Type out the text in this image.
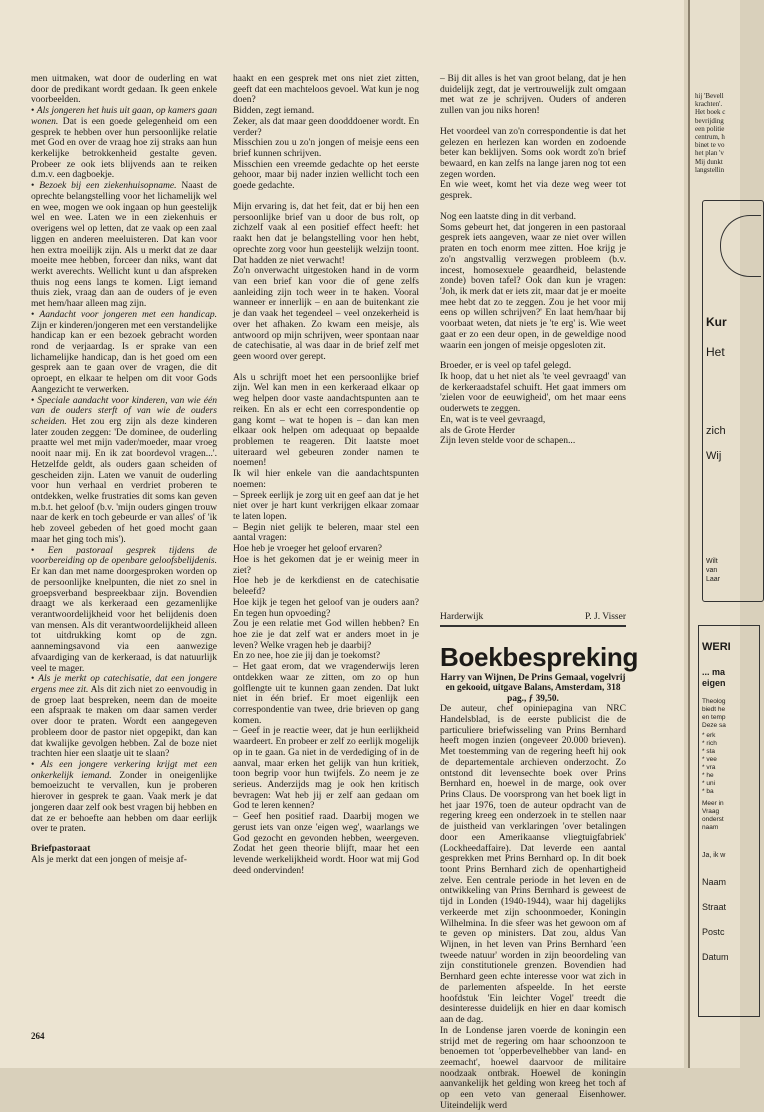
men uitmaken, wat door de ouderling en wat door de predikant wordt gedaan. Ik geen enkele voorbeelden.

• Als jongeren het huis uit gaan, op kamers gaan wonen. Dat is een goede gelegenheid om een gesprek te hebben over hun persoonlijke relatie met God en over de vraag hoe zij straks aan hun kerkelijke betrokkenheid gestalte geven. Probeer ze ook iets blijvends aan te reiken d.m.v. een dagboekje.

• Bezoek bij een ziekenhuisopname. Naast de oprechte belangstelling voor het lichamelijk wel en wee, mogen we ook ingaan op hun geestelijk wel en wee. Laten we in een ziekenhuis er overigens wel op letten, dat ze vaak op een zaal liggen en anderen meeluisteren. Dat kan voor hen extra moeilijk zijn. Als u merkt dat ze daar moeite mee hebben, forceer dan niks, want dat werkt averechts. Wellicht kunt u dan afspreken thuis nog eens langs te komen. Ligt iemand thuis ziek, vraag dan aan de ouders of je even met hem/haar alleen mag zijn.

• Aandacht voor jongeren met een handicap. Zijn er kinderen/jongeren met een verstandelijke handicap kan er een bezoek gebracht worden rond de verjaardag. Is er sprake van een lichamelijke handicap, dan is het goed om een gesprek aan te gaan over de vragen, die dit oproept, en elkaar te helpen om dit voor Gods Aangezicht te verwerken.

• Speciale aandacht voor kinderen, van wie één van de ouders sterft of van wie de ouders scheiden. Het zou erg zijn als deze kinderen later zouden zeggen: 'De dominee, de ouderling praatte wel met mijn vader/moeder, maar vroeg nooit naar mij. En ik zat boordevol vragen...'. Hetzelfde geldt, als ouders gaan scheiden of gescheiden zijn. Laten we vanuit de ouderling voor hun verhaal en verdriet proberen te ontdekken, welke frustraties dit soms kan geven m.b.t. het geloof (b.v. 'mijn ouders gingen trouw naar de kerk en toch gebeurde er van alles' of 'ik heb zoveel gebeden of het goed mocht gaan maar het ging toch mis').

• Een pastoraal gesprek tijdens de voorbereiding op de openbare geloofsbelijdenis. Er kan dan met name doorgesproken worden op de persoonlijke knelpunten, die niet zo snel in groepsverband bespreekbaar zijn. Bovendien draagt we als kerkeraad een gezamenlijke verantwoordelijkheid voor het belijdenis doen van mensen. Als dit verantwoordelijkheid alleen tot uitdrukking komt op de zgn. aannemingsavond via een aanwezige afvaardiging van de kerkeraad, is dat natuurlijk veel te mager.

• Als je merkt op catechisatie, dat een jongere ergens mee zit. Als dit zich niet zo eenvoudig in de groep laat bespreken, neem dan de moeite een afspraak te maken om daar samen verder over door te praten. Wordt een aangegeven probleem door de pastor niet opgepikt, dan kan dat kwalijke gevolgen hebben. Zal de boze niet trachten hier een slaatje uit te slaan?

• Als een jongere verkering krijgt met een onkerkelijk iemand. Zonder in oneigenlijke bemoeizucht te vervallen, kun je proberen hierover in gesprek te gaan. Vaak merk je dat jongeren daar zelf ook best vragen bij hebben en dat ze er behoefte aan hebben om daar eerlijk over te praten.

Briefpastoraat

Als je merkt dat een jongen of meisje af-

haakt en een gesprek met ons niet ziet zitten, geeft dat een machteloos gevoel. Wat kun je nog doen?

Bidden, zegt iemand.

Zeker, als dat maar geen doodddoener wordt. En verder?

Misschien zou u zo'n jongen of meisje eens een brief kunnen schrijven.

Misschien een vreemde gedachte op het eerste gehoor, maar bij nader inzien wellicht toch een goede gedachte.

Mijn ervaring is, dat het feit, dat er bij hen een persoonlijke brief van u door de bus rolt, op zichzelf vaak al een positief effect heeft: het raakt hen dat je belangstelling voor hen hebt, oprechte zorg voor hun geestelijk welzijn toont. Dat hadden ze niet verwacht!

Zo'n onverwacht uitgestoken hand in de vorm van een brief kan voor die of gene zelfs aanleiding zijn toch weer in te haken. Vooral wanneer er innerlijk – en aan de buitenkant zie je dan vaak het tegendeel – veel onzekerheid is over het afhaken. Zo kwam een meisje, als antwoord op mijn schrijven, weer spontaan naar de catechisatie, al was daar in de brief zelf met geen woord over gerept.

Als u schrijft moet het een persoonlijke brief zijn. Wel kan men in een kerkeraad elkaar op weg helpen door vaste aandachtspunten aan te reiken. En als er echt een correspondentie op gang komt – wat te hopen is – dan kan men elkaar ook helpen om adequaat op bepaalde problemen te reageren. Dit laatste moet uiteraard wel gebeuren zonder namen te noemen!

Ik wil hier enkele van die aandachtspunten noemen:

– Spreek eerlijk je zorg uit en geef aan dat je het niet over je hart kunt verkrijgen elkaar zomaar te laten lopen.

– Begin niet gelijk te beleren, maar stel een aantal vragen:

Hoe heb je vroeger het geloof ervaren?

Hoe is het gekomen dat je er weinig meer in ziet?

Hoe heb je de kerkdienst en de catechisatie beleefd?

Hoe kijk je tegen het geloof van je ouders aan? En tegen hun opvoeding?

Zou je een relatie met God willen hebben? En hoe zie je dat zelf wat er anders moet in je leven? Welke vragen heb je daarbij?

En zo nee, hoe zie jij dan je toekomst?

– Het gaat erom, dat we vragenderwijs leren ontdekken waar ze zitten, om zo op hun golflengte uit te kunnen gaan zenden. Dat lukt niet in één brief. Er moet eigenlijk een correspondentie van twee, drie brieven op gang komen.

– Geef in je reactie weer, dat je hun eerlijkheid waardeert. En probeer er zelf zo eerlijk mogelijk op in te gaan. Ga niet in de verdediging of in de aanval, maar erken het gelijk van hun kritiek, toon begrip voor hun twijfels. Zo neem je ze serieus. Anderzijds mag je ook hen kritisch bevragen: Wat heb jij er zelf aan gedaan om God te leren kennen?

– Geef hen positief raad. Daarbij mogen we gerust iets van onze 'eigen weg', waarlangs we God gezocht en gevonden hebben, weergeven. Zodat het geen theorie blijft, maar het een levende werkelijkheid wordt. Hoor wat mij God deed ondervinden!

– Bij dit alles is het van groot belang, dat je hen duidelijk zegt, dat je vertrouwelijk zult omgaan met wat ze je schrijven. Ouders of anderen zullen van jou niks horen!

Het voordeel van zo'n correspondentie is dat het gelezen en herlezen kan worden en zodoende beter kan beklijven. Soms ook wordt zo'n brief bewaard, en kan zelfs na lange jaren nog tot een zegen worden.

En wie weet, komt het via deze weg weer tot gesprek.

Nog een laatste ding in dit verband.

Soms gebeurt het, dat jongeren in een pastoraal gesprek iets aangeven, waar ze niet over willen praten en toch enorm mee zitten. Hoe krijg je zo'n angstvallig verzwegen probleem (b.v. incest, homosexuele geaardheid, belastende zonde) boven tafel? Ook dan kun je vragen: 'Joh, ik merk dat er iets zit, maar dat je er moeite mee hebt dat zo te zeggen. Zou je het voor mij eens op willen schrijven?' En laat hem/haar bij voorbaat weten, dat niets je 'te erg' is. Wie weet gaat er zo een deur open, in de geweldige nood waarin een jongen of meisje opgesloten zit.

Broeder, er is veel op tafel gelegd.

Ik hoop, dat u het niet als 'te veel gevraagd' van de kerkeraadstafel schuift. Het gaat immers om 'zielen voor de eeuwigheid', om het maar eens ouderwets te zeggen.

En, wat is te veel gevraagd,

als de Grote Herder

Zijn leven stelde voor de schapen...

Harderwijk	P. J. Visser
Boekbespreking

Harry van Wijnen, De Prins Gemaal, vogelvrij en gekooid, uitgave Balans, Amsterdam, 318 pag., ƒ 39,50.

De auteur, chef opiniepagina van NRC Handelsblad, is de eerste publicist die de particuliere briefwisseling van Prins Bernhard heeft mogen inzien (ongeveer 20.000 brieven). Met toestemming van de regering heeft hij ook de departementale archieven onderzocht. Zo ontstond dit levensechte boek over Prins Bernhard en, hoewel in de marge, ook over Prins Claus. De voorsprong van het boek ligt in het jaar 1976, toen de auteur opdracht van de regering kreeg een onderzoek in te stellen naar de juistheid van verklaringen 'over betalingen door een Amerikaanse vliegtuigfabriek' (Lockheedaffaire). Dat leverde een aantal gesprekken met Prins Bernhard op. In dit boek toont Prins Bernhard zich de openhartigheid zelve. Een centrale periode in het leven en de ontwikkeling van Prins Bernhard is geweest de tijd in Londen (1940-1944), waar hij dagelijks verkeerde met zijn schoonmoeder, Koningin Wilhelmina. In die sfeer was het gewoon om af te geven op ministers. Dat zou, aldus Van Wijnen, in het leven van Prins Bernhard 'een tweede natuur' worden in zijn beoordeling van zijn constitutionele grenzen. Bovendien had Bernhard geen echte interesse voor wat zich in de parlementen afspeelde. In het eerste hoofdstuk 'Ein leichter Vogel' treedt die desinteresse duidelijk en hier en daar komisch aan de dag.

In de Londense jaren voerde de koningin een strijd met de regering om haar schoonzoon te benoemen tot 'opperbevelhebber van land- en zeemacht', hoewel daarvoor de militaire noodzaak ontbrak. Hoewel de koningin aanvankelijk het gelding won kreeg het toch af op een veto van generaal Eisenhower. Uiteindelijk werd

264
hij 'Bevell
krachten'.
Het boek c
bevrijding
een politie
centrum, h
binet te vo
het plan 'v
Mij dunkt
langstellin
Kur
Het
zich
Wij
Wilt
van
Laar
WERI
... ma
eigen
Theolog
biedt he
en temp
Deze sa
* erk
* rich
* sta
* vee
* vra
* he
* uni
* ba
Meer in
Vraag
onderst
naam
Ja, ik w
Naam
Straat
Postc
Datum
